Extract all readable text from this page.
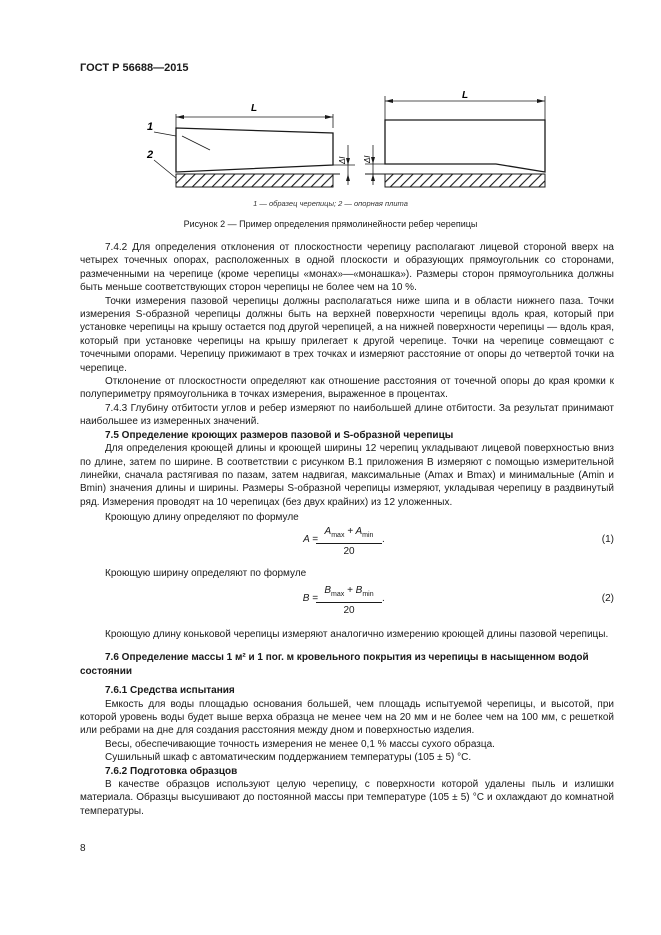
ГОСТ Р 56688—2015
L
1
2	Δl
L
Δl
1 — образец черепицы; 2 — опорная плита
Рисунок 2 — Пример определения прямолинейности ребер черепицы

7.4.2 Для определения отклонения от плоскостности черепицу располагают лицевой стороной вверх на четырех точечных опорах, расположенных в одной плоскости и образующих прямоугольник со сторонами, размеченными на черепице (кроме черепицы «монах»—«монашка»). Размеры сторон прямоугольника должны быть меньше соответствующих сторон черепицы не более чем на 10 %.

Точки измерения пазовой черепицы должны располагаться ниже шипа и в области нижнего паза. Точки измерения S-образной черепицы должны быть на верхней поверхности черепицы вдоль края, который при установке черепицы на крышу остается под другой черепицей, а на нижней поверхности черепицы — вдоль края, который при установке черепицы на крышу прилегает к другой черепице. Точки на черепице совмещают с точечными опорами. Черепицу прижимают в трех точках и измеряют расстояние от опоры до четвертой точки на черепице.

Отклонение от плоскостности определяют как отношение расстояния от точечной опоры до края кромки к полупериметру прямоугольника в точках измерения, выраженное в процентах.

7.4.3 Глубину отбитости углов и ребер измеряют по наибольшей длине отбитости. За результат принимают наибольшее из измеренных значений.

7.5 Определение кроющих размеров пазовой и S-образной черепицы

Для определения кроющей длины и кроющей ширины 12 черепиц укладывают лицевой поверхностью вниз по длине, затем по ширине. В соответствии с рисунком В.1 приложения В измеряют с помощью измерительной линейки, сначала растягивая по пазам, затем надвигая, максимальные (Amax и Bmax) и минимальные (Amin и Bmin) значения длины и ширины. Размеры S-образной черепицы измеряют, укладывая черепицу в раздвинутый ряд. Измерения проводят на 10 черепицах (без двух крайних) из 12 уложенных.

Кроющую длину определяют по формуле

A =
$A_{max} + A_{min}$
20
.	(1)

Кроющую ширину определяют по формуле

B =
$B_{max} + B_{min}$
20
.	(2)

Кроющую длину коньковой черепицы измеряют аналогично измерению кроющей длины пазовой черепицы.

7.6 Определение массы 1 м² и 1 пог. м кровельного покрытия из черепицы в насыщенном водой состоянии

7.6.1 Средства испытания

Емкость для воды площадью основания большей, чем площадь испытуемой черепицы, и высотой, при которой уровень воды будет выше верха образца не менее чем на 20 мм и не более чем на 100 мм, с решеткой или ребрами на дне для создания расстояния между дном и поверхностью изделия.

Весы, обеспечивающие точность измерения не менее 0,1 % массы сухого образца.

Сушильный шкаф с автоматическим поддержанием температуры (105 ± 5) °С.

7.6.2 Подготовка образцов

В качестве образцов используют целую черепицу, с поверхности которой удалены пыль и излишки материала. Образцы высушивают до постоянной массы при температуре (105 ± 5) °С и охлаждают до комнатной температуры.

8
